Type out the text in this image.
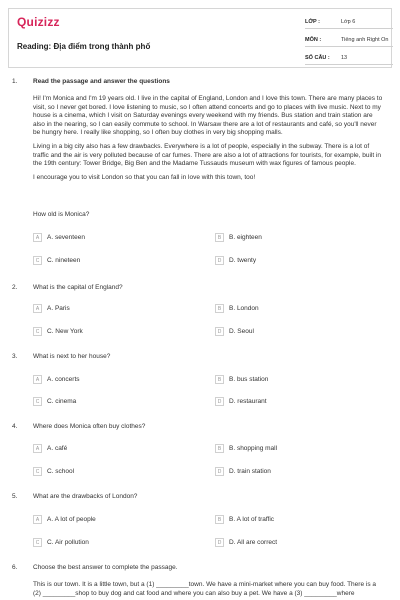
Quizizz
Reading: Địa điểm trong thành phố
LỚP :	Lớp 6
MÔN :	Tiếng anh Right On
SỐ CÂU :	13
1. Read the passage and answer the questions

Hi! I'm Monica and I'm 19 years old. I live in the capital of England, London and I love this town. There are many places to visit, so I never get bored. I love listening to music, so I often attend concerts and go to places with live music. Next to my house is a cinema, which I visit on Saturday evenings every weekend with my friends. Bus station and train station are also in the nearing, so I can easily commute to school. In Warsaw there are a lot of restaurants and café, so you'll never be hungry here. I really like shopping, so I often buy clothes in very big shopping malls.

Living in a big city also has a few drawbacks. Everywhere is a lot of people, especially in the subway. There is a lot of traffic and the air is very polluted because of car fumes. There are also a lot of attractions for tourists, for example, built in the 19th century: Tower Bridge, Big Ben and the Madame Tussauds museum with wax figures of famous people.

I encourage you to visit London so that you can fall in love with this town, too!

How old is Monica?
A	A. seventeen	B	B. eighteen
C	C. nineteen	D	D. twenty
2. What is the capital of England?
A	A. Paris	B	B. London
C	C. New York	D	D. Seoul
3. What is next to her house?
A	A. concerts	B	B. bus station
C	C. cinema	D	D. restaurant
4. Where does Monica often buy clothes?
A	A. café	B	B. shopping mall
C	C. school	D	D. train station
5. What are the drawbacks of London?
A	A. A lot of people	B	B. A lot of traffic
C	C. Air pollution	D	D. All are correct
6. Choose the best answer to complete the passage.
This is our town. It is a little town, but a (1) _________town. We have a mini-market where you can buy food. There is a (2) _________shop to buy dog and cat food and where you can also buy a pet. We have a (3) _________where
